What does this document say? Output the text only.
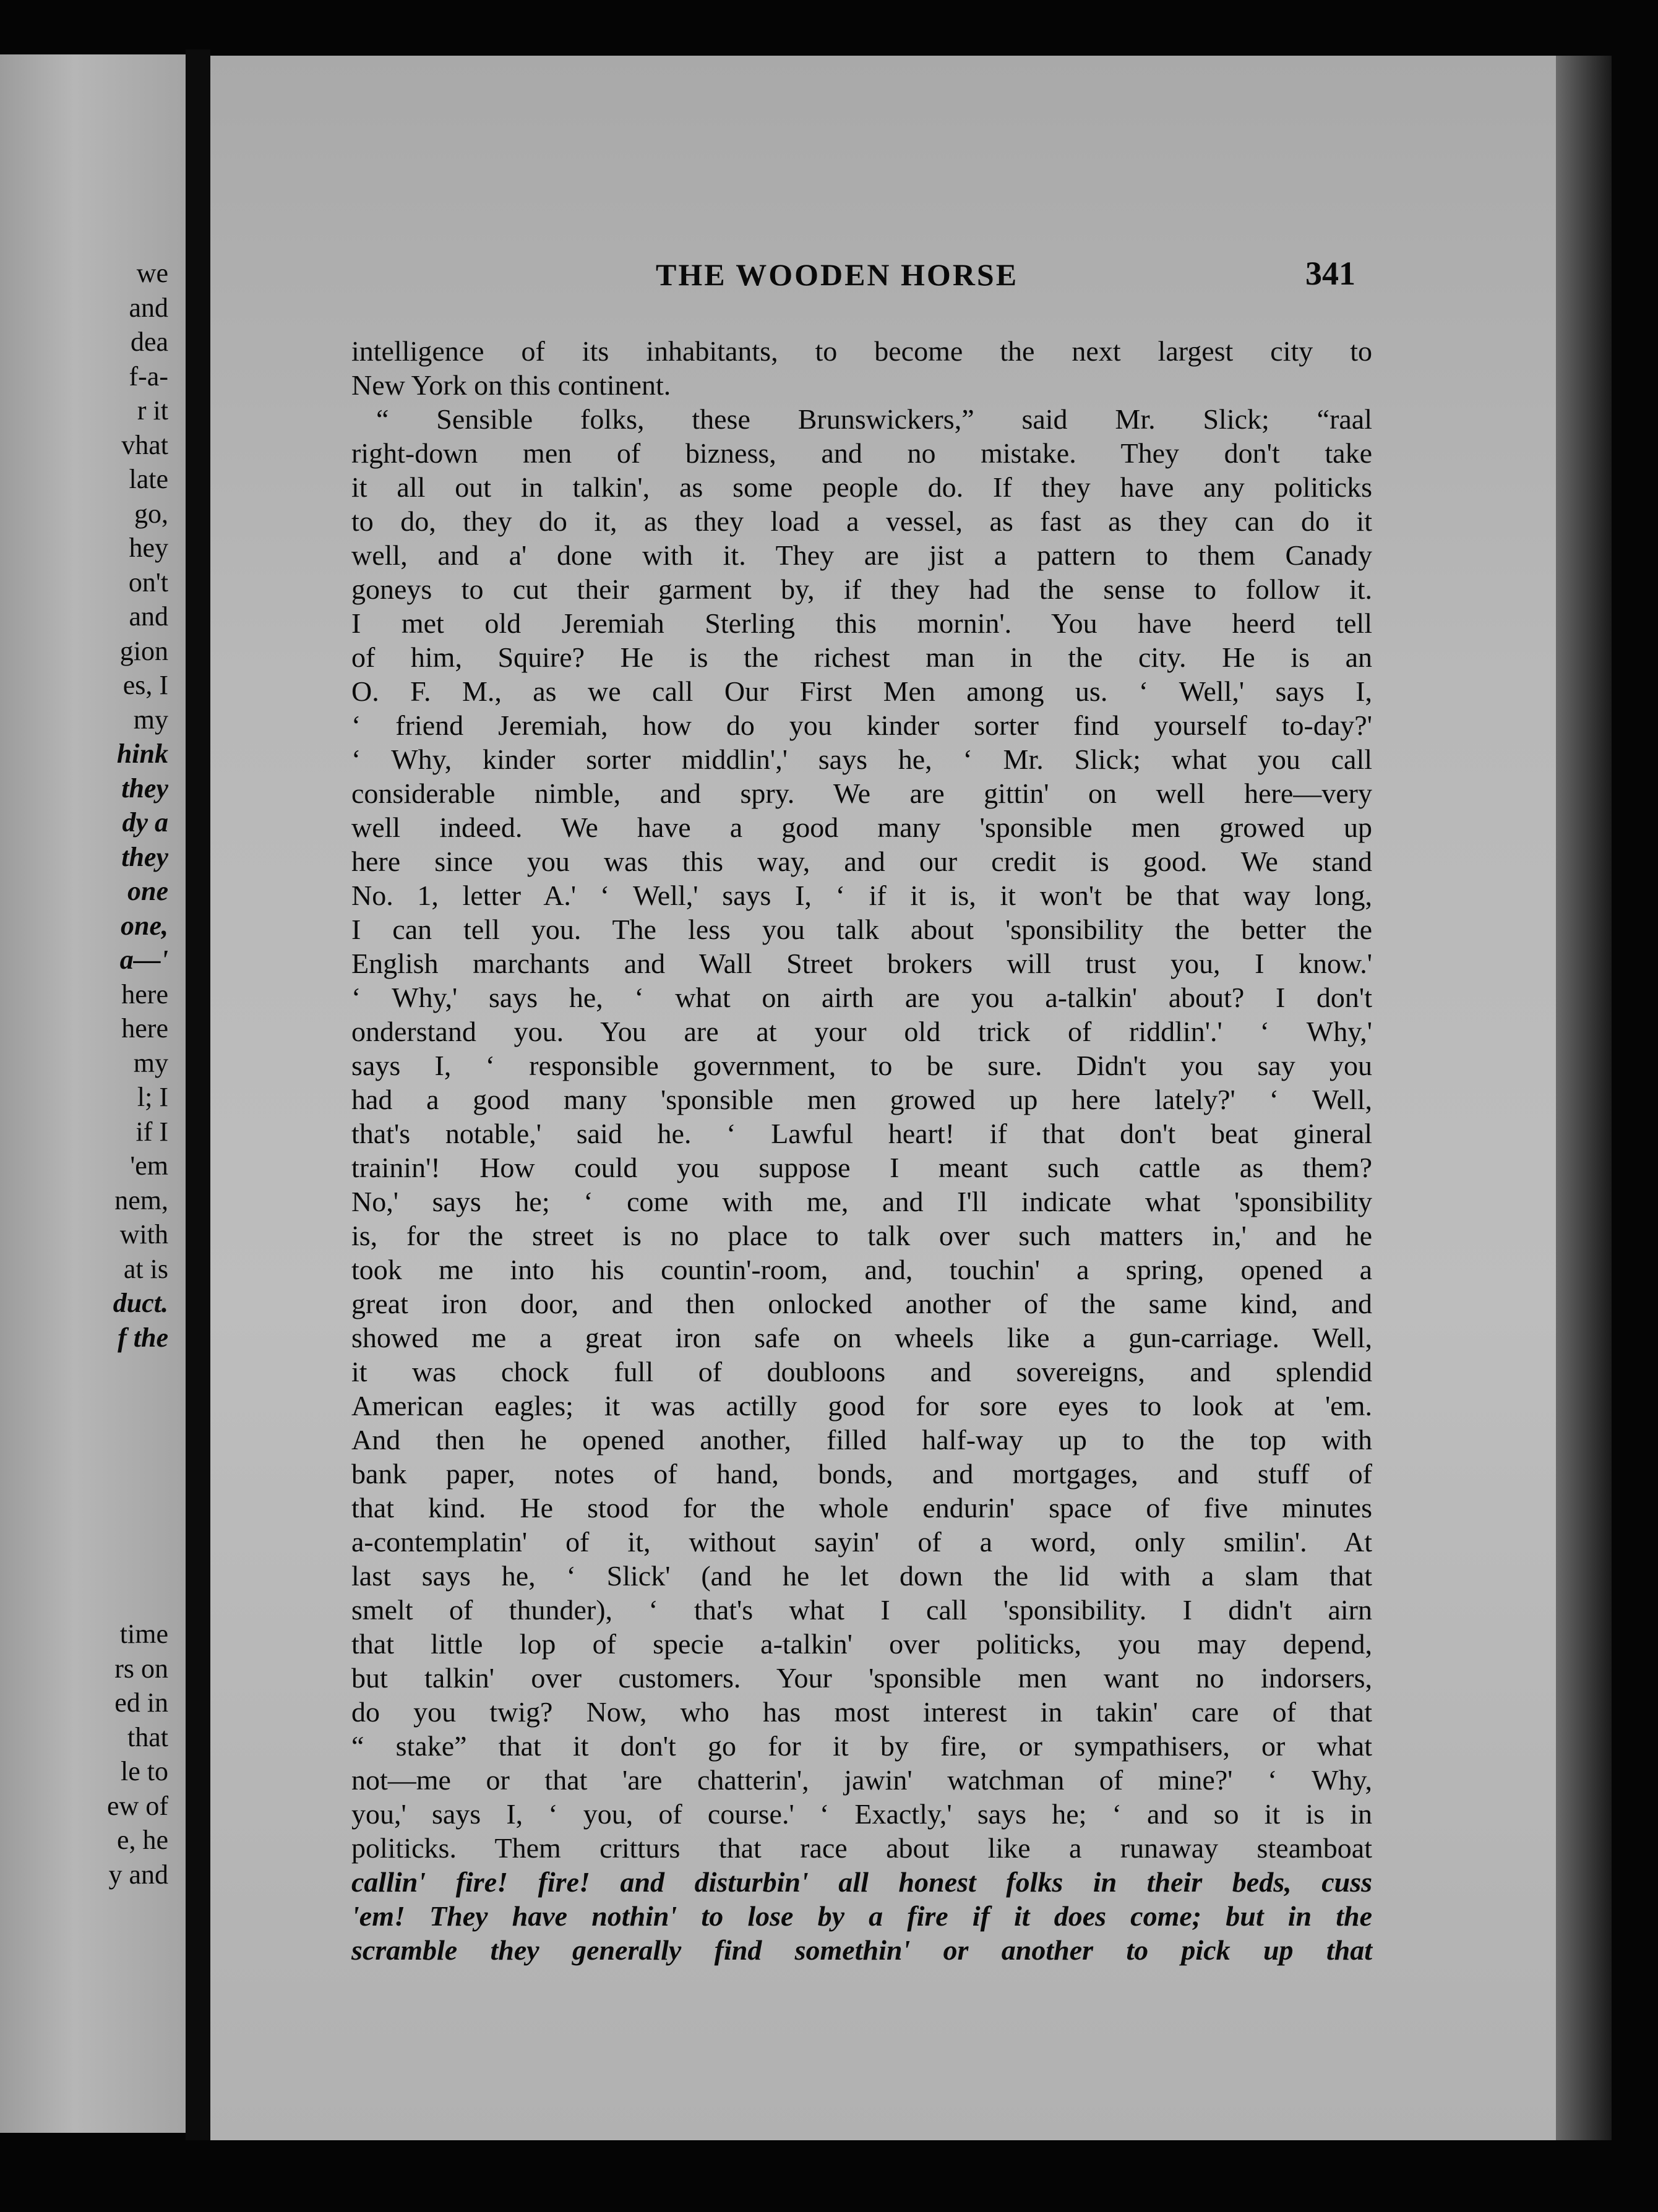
we
and
dea
f-a-
r it
vhat
late
go,
hey
on't
and
gion
es, I
my
hink
they
dy a
they
one
one,
a—'
here
here
my
l; I
if I
'em
nem,
with
at is
duct.
f the
time
rs on
ed in
that
le to
ew of
e, he
y and
THE WOODEN HORSE	341
intelligence of its inhabitants, to become the next largest city to
New York on this continent.
“ Sensible folks, these Brunswickers,” said Mr. Slick; “raal
right-down men of bizness, and no mistake. They don't take
it all out in talkin', as some people do. If they have any politicks
to do, they do it, as they load a vessel, as fast as they can do it
well, and a' done with it. They are jist a pattern to them Canady
goneys to cut their garment by, if they had the sense to follow it.
I met old Jeremiah Sterling this mornin'. You have heerd tell
of him, Squire? He is the richest man in the city. He is an
O. F. M., as we call Our First Men among us. ‘ Well,' says I,
‘ friend Jeremiah, how do you kinder sorter find yourself to-day?'
‘ Why, kinder sorter middlin',' says he, ‘ Mr. Slick; what you call
considerable nimble, and spry. We are gittin' on well here—very
well indeed. We have a good many 'sponsible men growed up
here since you was this way, and our credit is good. We stand
No. 1, letter A.' ‘ Well,' says I, ‘ if it is, it won't be that way long,
I can tell you. The less you talk about 'sponsibility the better the
English marchants and Wall Street brokers will trust you, I know.'
‘ Why,' says he, ‘ what on airth are you a-talkin' about? I don't
onderstand you. You are at your old trick of riddlin'.' ‘ Why,'
says I, ‘ responsible government, to be sure. Didn't you say you
had a good many 'sponsible men growed up here lately?' ‘ Well,
that's notable,' said he. ‘ Lawful heart! if that don't beat gineral
trainin'! How could you suppose I meant such cattle as them?
No,' says he; ‘ come with me, and I'll indicate what 'sponsibility
is, for the street is no place to talk over such matters in,' and he
took me into his countin'-room, and, touchin' a spring, opened a
great iron door, and then onlocked another of the same kind, and
showed me a great iron safe on wheels like a gun-carriage. Well,
it was chock full of doubloons and sovereigns, and splendid
American eagles; it was actilly good for sore eyes to look at 'em.
And then he opened another, filled half-way up to the top with
bank paper, notes of hand, bonds, and mortgages, and stuff of
that kind. He stood for the whole endurin' space of five minutes
a-contemplatin' of it, without sayin' of a word, only smilin'. At
last says he, ‘ Slick' (and he let down the lid with a slam that
smelt of thunder), ‘ that's what I call 'sponsibility. I didn't airn
that little lop of specie a-talkin' over politicks, you may depend,
but talkin' over customers. Your 'sponsible men want no indorsers,
do you twig? Now, who has most interest in takin' care of that
“ stake” that it don't go for it by fire, or sympathisers, or what
not—me or that 'are chatterin', jawin' watchman of mine?' ‘ Why,
you,' says I, ‘ you, of course.' ‘ Exactly,' says he; ‘ and so it is in
politicks. Them critturs that race about like a runaway steamboat
callin' fire! fire! and disturbin' all honest folks in their beds, cuss
'em! They have nothin' to lose by a fire if it does come; but in the
scramble they generally find somethin' or another to pick up that
